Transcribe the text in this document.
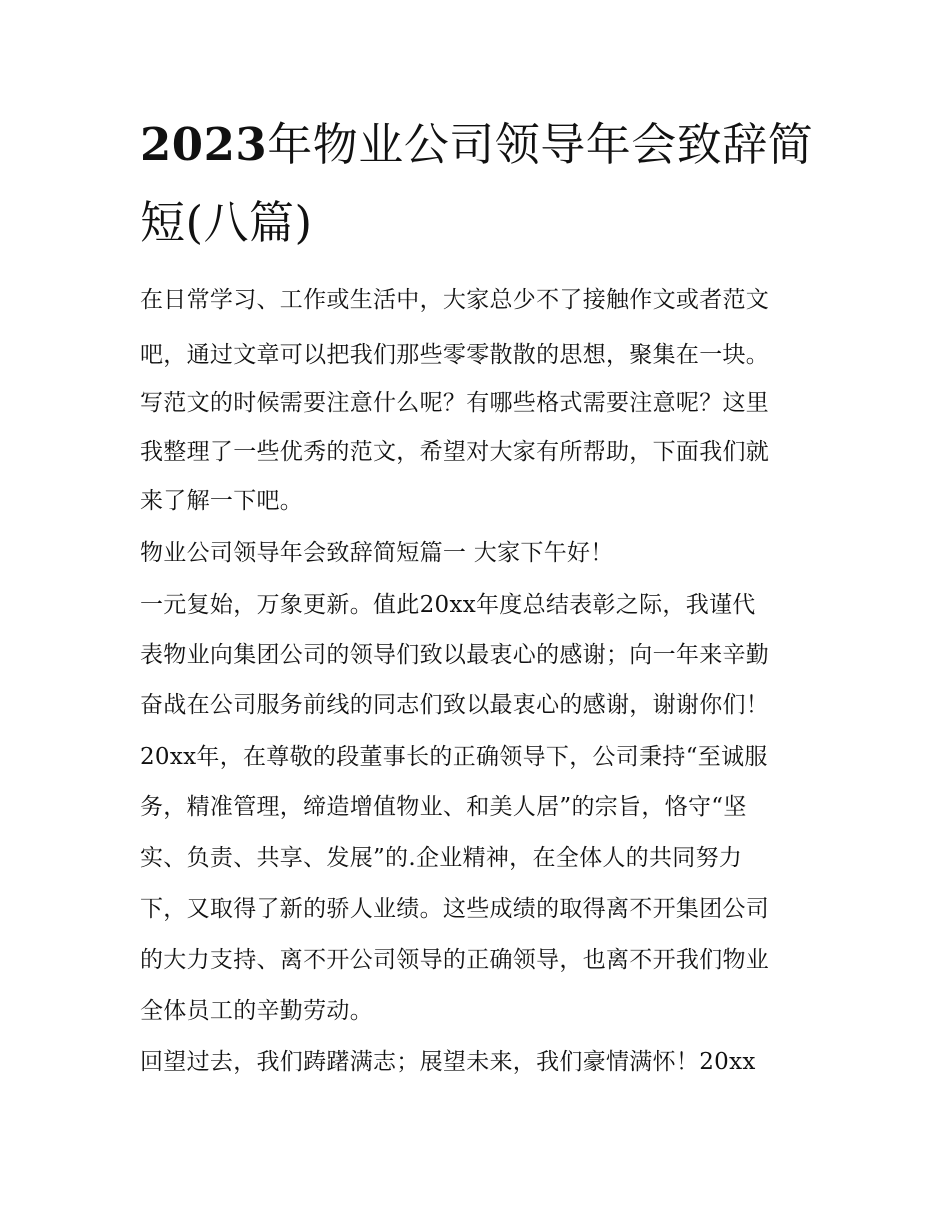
2023年物业公司领导年会致辞简短(八篇)

在日常学习、工作或生活中，大家总少不了接触作文或者范文

吧，通过文章可以把我们那些零零散散的思想，聚集在一块。

写范文的时候需要注意什么呢？有哪些格式需要注意呢？这里

我整理了一些优秀的范文，希望对大家有所帮助，下面我们就

来了解一下吧。

物业公司领导年会致辞简短篇一 大家下午好！

一元复始，万象更新。值此20xx年度总结表彰之际，我谨代

表物业向集团公司的领导们致以最衷心的感谢；向一年来辛勤

奋战在公司服务前线的同志们致以最衷心的感谢，谢谢你们！

20xx年，在尊敬的段董事长的正确领导下，公司秉持“至诚服

务，精准管理，缔造增值物业、和美人居”的宗旨，恪守“坚

实、负责、共享、发展”的.企业精神，在全体人的共同努力

下，又取得了新的骄人业绩。这些成绩的取得离不开集团公司

的大力支持、离不开公司领导的正确领导，也离不开我们物业

全体员工的辛勤劳动。

回望过去，我们踌躇满志；展望未来，我们豪情满怀！20xx
